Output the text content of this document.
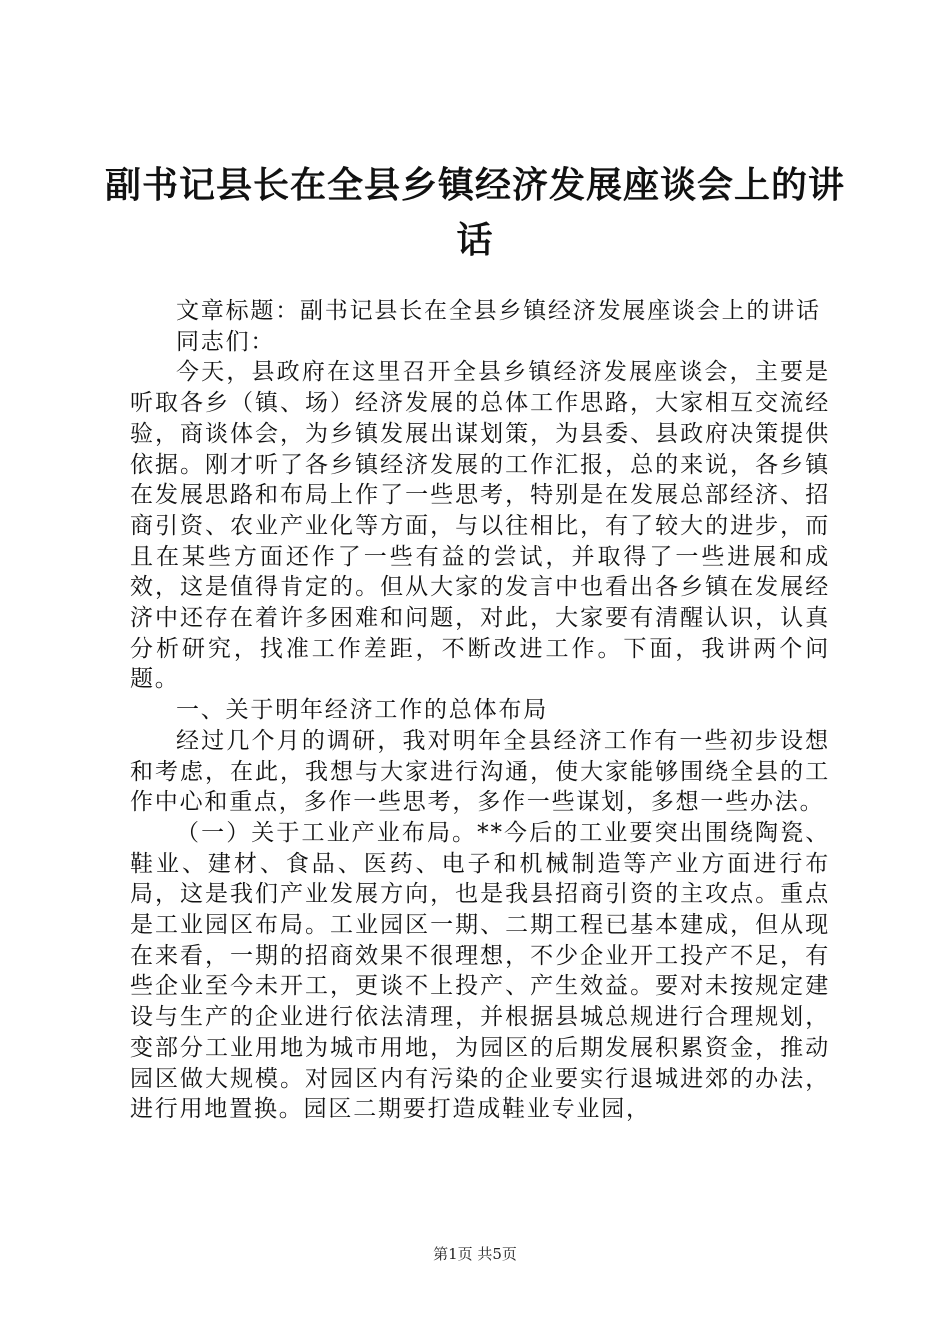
副书记县长在全县乡镇经济发展座谈会上的讲话

文章标题：副书记县长在全县乡镇经济发展座谈会上的讲话

同志们：

今天，县政府在这里召开全县乡镇经济发展座谈会，主要是听取各乡（镇、场）经济发展的总体工作思路，大家相互交流经验，商谈体会，为乡镇发展出谋划策，为县委、县政府决策提供依据。刚才听了各乡镇经济发展的工作汇报，总的来说，各乡镇在发展思路和布局上作了一些思考，特别是在发展总部经济、招商引资、农业产业化等方面，与以往相比，有了较大的进步，而且在某些方面还作了一些有益的尝试，并取得了一些进展和成效，这是值得肯定的。但从大家的发言中也看出各乡镇在发展经济中还存在着许多困难和问题，对此，大家要有清醒认识，认真分析研究，找准工作差距，不断改进工作。下面，我讲两个问题。

一、关于明年经济工作的总体布局

经过几个月的调研，我对明年全县经济工作有一些初步设想和考虑，在此，我想与大家进行沟通，使大家能够围绕全县的工作中心和重点，多作一些思考，多作一些谋划，多想一些办法。

（一）关于工业产业布局。**今后的工业要突出围绕陶瓷、鞋业、建材、食品、医药、电子和机械制造等产业方面进行布局，这是我们产业发展方向，也是我县招商引资的主攻点。重点是工业园区布局。工业园区一期、二期工程已基本建成，但从现在来看，一期的招商效果不很理想，不少企业开工投产不足，有些企业至今未开工，更谈不上投产、产生效益。要对未按规定建设与生产的企业进行依法清理，并根据县城总规进行合理规划，变部分工业用地为城市用地，为园区的后期发展积累资金，推动园区做大规模。对园区内有污染的企业要实行退城进郊的办法，进行用地置换。园区二期要打造成鞋业专业园，

第1页 共5页
